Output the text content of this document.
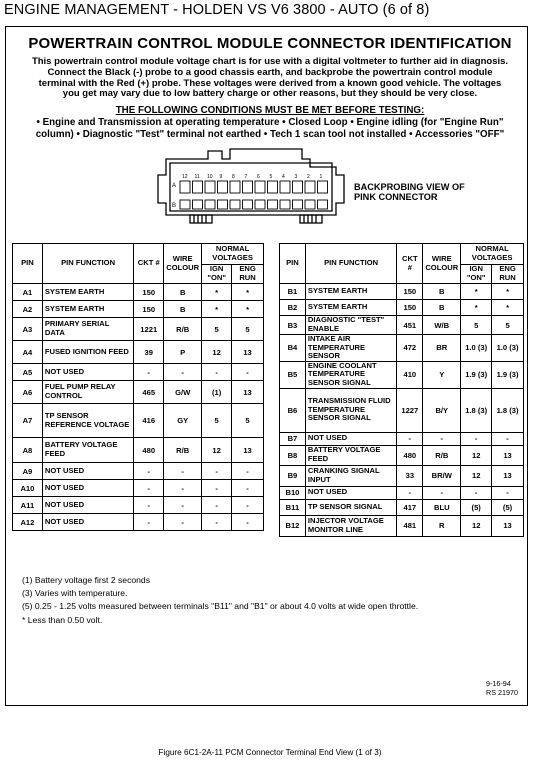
ENGINE MANAGEMENT - HOLDEN VS V6 3800 - AUTO (6 of 8)
POWERTRAIN CONTROL MODULE CONNECTOR IDENTIFICATION
This powertrain control module voltage chart is for use with a digital voltmeter to further aid in diagnosis.
Connect the Black (-) probe to a good chassis earth, and backprobe the powertrain control module
terminal with the Red (+) probe. These voltages were derived from a known good vehicle. The voltages
you get may vary due to low battery charge or other reasons, but they should be very close.
THE FOLLOWING CONDITIONS MUST BE MET BEFORE TESTING:
• Engine and Transmission at operating temperature • Closed Loop • Engine idling (for "Engine Run"
column) • Diagnostic "Test" terminal not earthed • Tech 1 scan tool not installed • Accessories "OFF"
A
B
12 11 10 9 8 7 6 5 4 3 2 1
BACKPROBING VIEW OF
PINK CONNECTOR
PIN	PIN FUNCTION	CKT #	WIRE COLOUR	NORMAL VOLTAGES	
				IGN "ON"	ENG RUN
A1	SYSTEM EARTH	150	B	*	*
A2	SYSTEM EARTH	150	B	*	*
A3	PRIMARY SERIAL DATA	1221	R/B	5	5
A4	FUSED IGNITION FEED	39	P	12	13
A5	NOT USED	-	-	-	-
A6	FUEL PUMP RELAY CONTROL	465	G/W	(1)	13
A7	TP SENSOR REFERENCE VOLTAGE	416	GY	5	5
A8	BATTERY VOLTAGE FEED	480	R/B	12	13
A9	NOT USED	-	-	-	-
A10	NOT USED	-	-	-	-
A11	NOT USED	-	-	-	-
A12	NOT USED	-	-	-	-
PIN	PIN FUNCTION	CKT #	WIRE COLOUR	NORMAL VOLTAGES	
				IGN "ON"	ENG RUN
B1	SYSTEM EARTH	150	B	*	*
B2	SYSTEM EARTH	150	B	*	*
B3	DIAGNOSTIC "TEST" ENABLE	451	W/B	5	5
B4	INTAKE AIR TEMPERATURE SENSOR	472	BR	1.0 (3)	1.0 (3)
B5	ENGINE COOLANT TEMPERATURE SENSOR SIGNAL	410	Y	1.9 (3)	1.9 (3)
B6	TRANSMISSION FLUID TEMPERATURE SENSOR SIGNAL	1227	B/Y	1.8 (3)	1.8 (3)
B7	NOT USED	-	-	-	-
B8	BATTERY VOLTAGE FEED	480	R/B	12	13
B9	CRANKING SIGNAL INPUT	33	BR/W	12	13
B10	NOT USED	-	-	-	-
B11	TP SENSOR SIGNAL	417	BLU	(5)	(5)
B12	INJECTOR VOLTAGE MONITOR LINE	481	R	12	13
(1) Battery voltage first 2 seconds
(3) Varies with temperature.
(5) 0.25 - 1.25 volts measured between terminals "B11" and "B1" or about 4.0 volts at wide open throttle.
* Less than 0.50 volt.
9-16-94
RS 21970
Figure 6C1-2A-11 PCM Connector Terminal End View (1 of 3)
